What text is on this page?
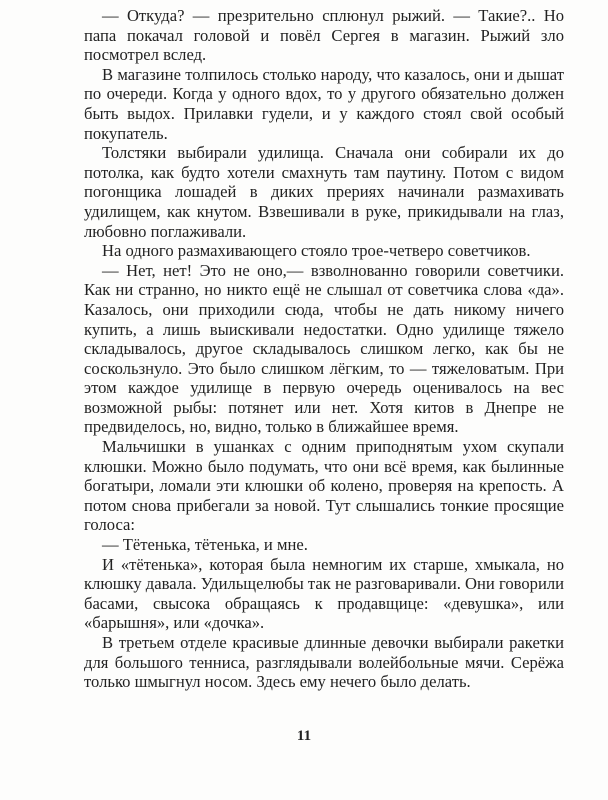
— Откуда? — презрительно сплюнул рыжий. — Такие?.. Но папа покачал головой и повёл Сергея в магазин. Рыжий зло посмотрел вслед.

В магазине толпилось столько народу, что казалось, они и дышат по очереди. Когда у одного вдох, то у другого обязательно должен быть выдох. Прилавки гудели, и у каждого стоял свой особый покупатель.

Толстяки выбирали удилища. Сначала они собирали их до потолка, как будто хотели смахнуть там паутину. Потом с видом погонщика лошадей в диких прериях начинали размахивать удилищем, как кнутом. Взвешивали в руке, прикидывали на глаз, любовно поглаживали.

На одного размахивающего стояло трое-четверо советчиков.

— Нет, нет! Это не оно,— взволнованно говорили советчики. Как ни странно, но никто ещё не слышал от советчика слова «да». Казалось, они приходили сюда, чтобы не дать никому ничего купить, а лишь выискивали недостатки. Одно удилище тяжело складывалось, другое складывалось слишком легко, как бы не соскользнуло. Это было слишком лёгким, то — тяжеловатым. При этом каждое удилище в первую очередь оценивалось на вес возможной рыбы: потянет или нет. Хотя китов в Днепре не предвиделось, но, видно, только в ближайшее время.

Мальчишки в ушанках с одним приподнятым ухом скупали клюшки. Можно было подумать, что они всё время, как былинные богатыри, ломали эти клюшки об колено, проверяя на крепость. А потом снова прибегали за новой. Тут слышались тонкие просящие голоса:

— Тётенька, тётенька, и мне.

И «тётенька», которая была немногим их старше, хмыкала, но клюшку давала. Удильщелюбы так не разговаривали. Они говорили басами, свысока обращаясь к продавщице: «девушка», или «барышня», или «дочка».

В третьем отделе красивые длинные девочки выбирали ракетки для большого тенниса, разглядывали волейбольные мячи. Серёжа только шмыгнул носом. Здесь ему нечего было делать.

11
